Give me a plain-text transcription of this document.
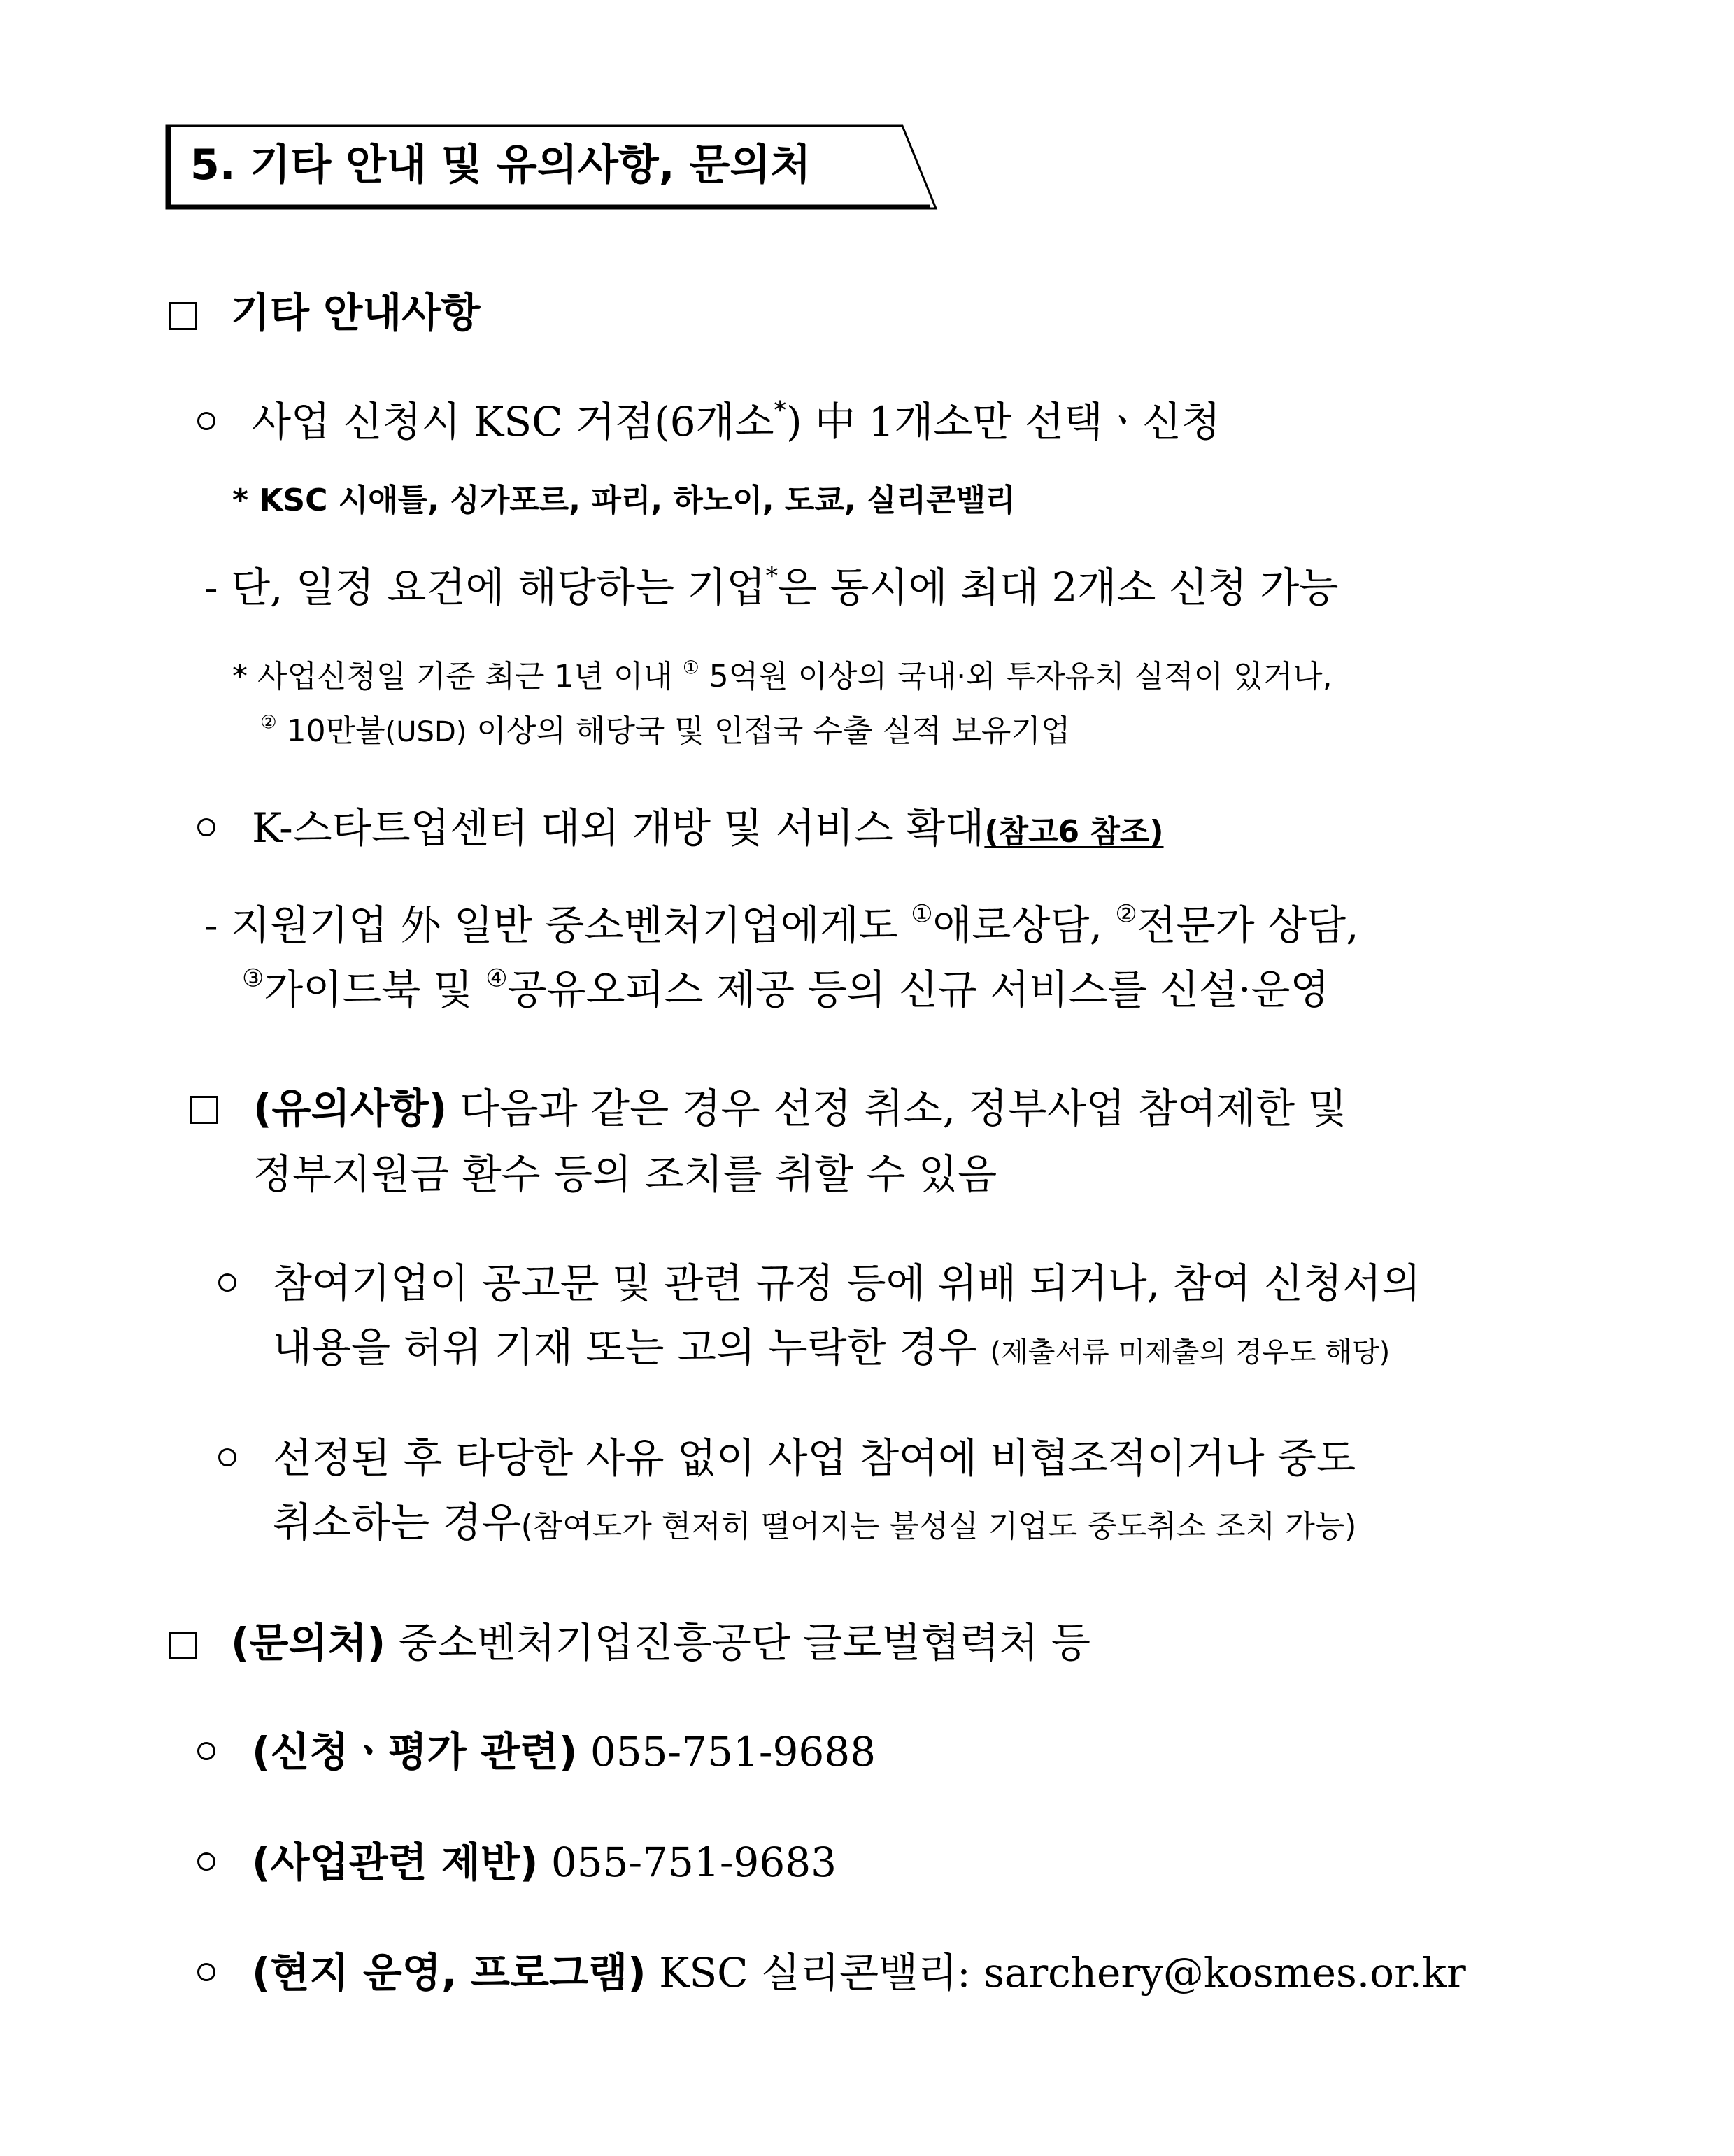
5. 기타 안내 및 유의사항, 문의처
기타 안내사항
사업 신청시 KSC 거점(6개소*) 中 1개소만 선택ㆍ신청
* KSC 시애틀, 싱가포르, 파리, 하노이, 도쿄, 실리콘밸리
- 단, 일정 요건에 해당하는 기업*은 동시에 최대 2개소 신청 가능
* 사업신청일 기준 최근 1년 이내 ① 5억원 이상의 국내·외 투자유치 실적이 있거나,
② 10만불(USD) 이상의 해당국 및 인접국 수출 실적 보유기업
K-스타트업센터 대외 개방 및 서비스 확대(참고6 참조)
- 지원기업 外 일반 중소벤처기업에게도 ①애로상담, ②전문가 상담,
③가이드북 및 ④공유오피스 제공 등의 신규 서비스를 신설·운영
(유의사항) 다음과 같은 경우 선정 취소, 정부사업 참여제한 및
정부지원금 환수 등의 조치를 취할 수 있음
참여기업이 공고문 및 관련 규정 등에 위배 되거나, 참여 신청서의
내용을 허위 기재 또는 고의 누락한 경우 (제출서류 미제출의 경우도 해당)
선정된 후 타당한 사유 없이 사업 참여에 비협조적이거나 중도
취소하는 경우(참여도가 현저히 떨어지는 불성실 기업도 중도취소 조치 가능)
(문의처) 중소벤처기업진흥공단 글로벌협력처 등
(신청ㆍ평가 관련) 055-751-9688
(사업관련 제반) 055-751-9683
(현지 운영, 프로그램) KSC 실리콘밸리: sarchery@kosmes.or.kr
